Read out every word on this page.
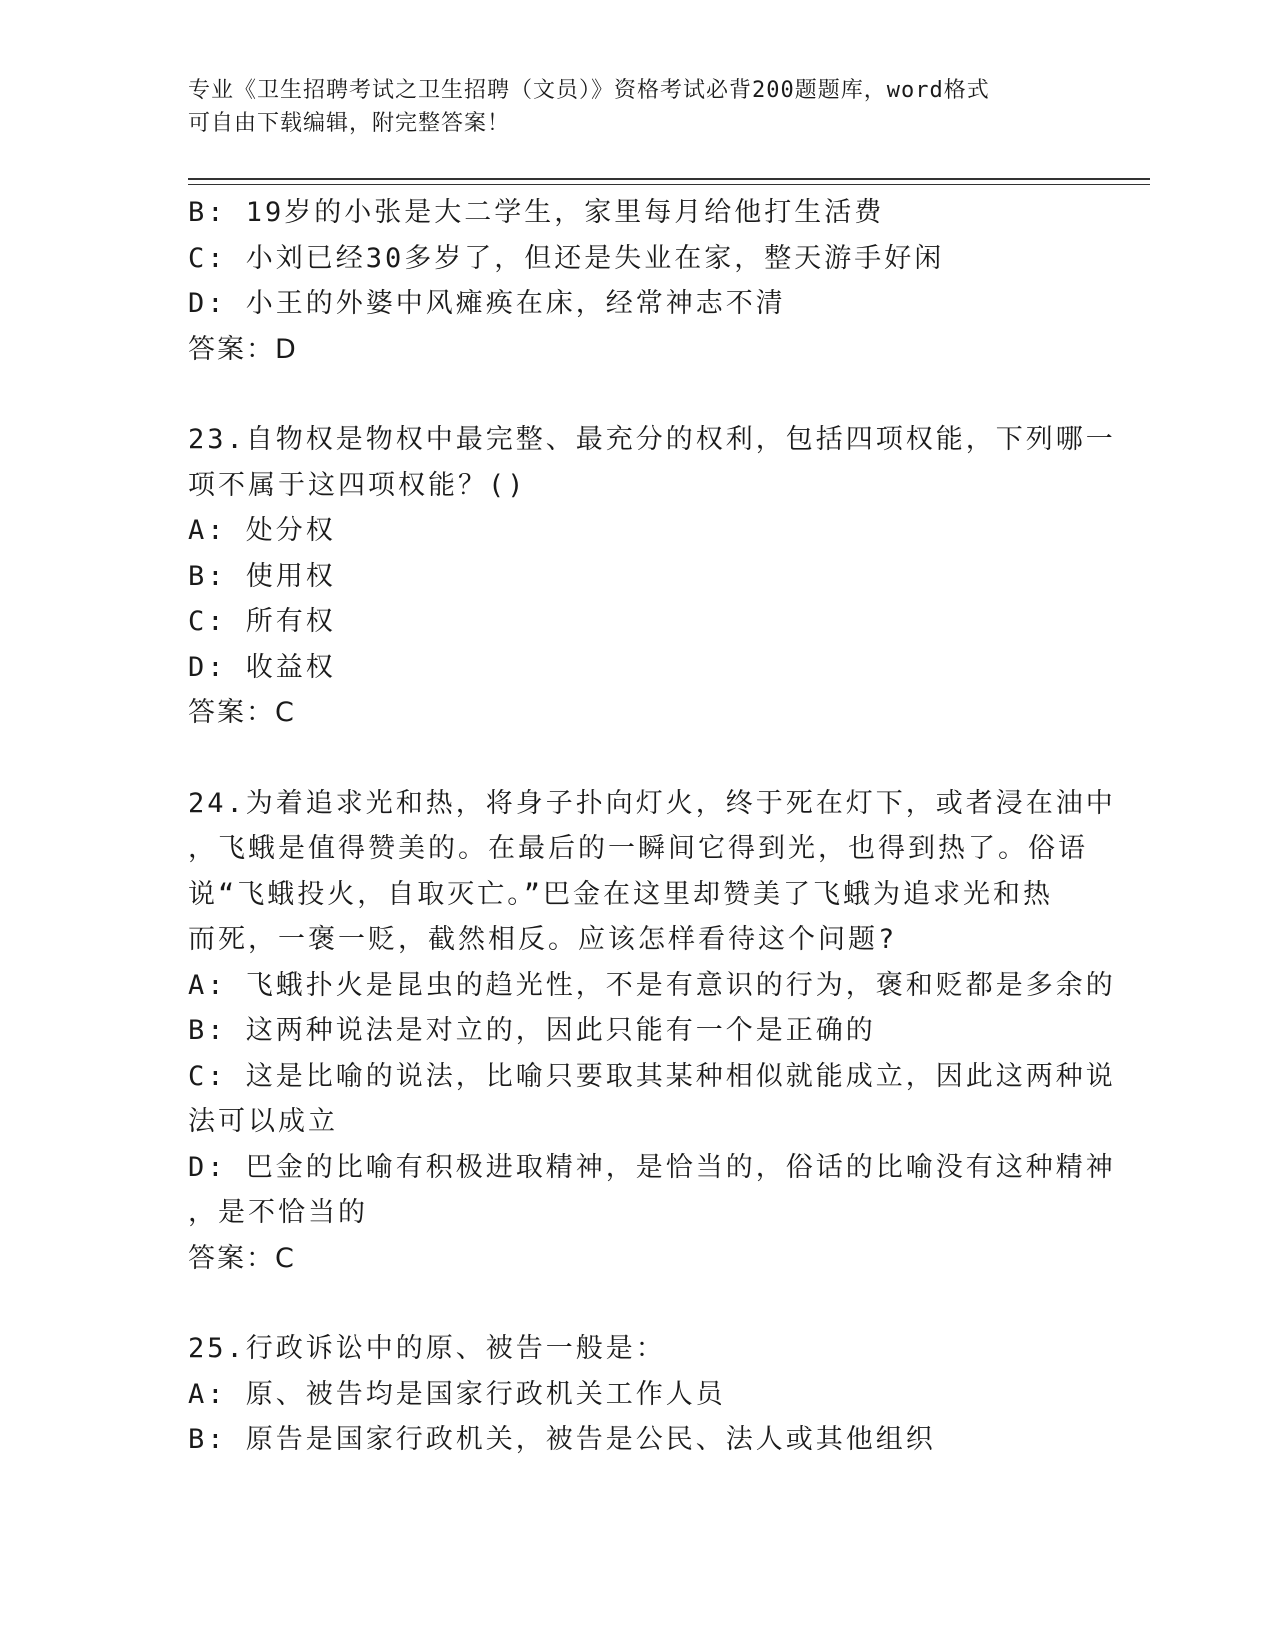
专业《卫生招聘考试之卫生招聘（文员）》资格考试必背200题题库，word格式
可自由下载编辑，附完整答案！
B: 19岁的小张是大二学生，家里每月给他打生活费
C: 小刘已经30多岁了，但还是失业在家，整天游手好闲
D: 小王的外婆中风瘫痪在床，经常神志不清
答案：D
23.自物权是物权中最完整、最充分的权利，包括四项权能，下列哪一
项不属于这四项权能？()
A: 处分权
B: 使用权
C: 所有权
D: 收益权
答案：C
24.为着追求光和热，将身子扑向灯火，终于死在灯下，或者浸在油中
，飞蛾是值得赞美的。在最后的一瞬间它得到光，也得到热了。俗语
说“飞蛾投火，自取灭亡。”巴金在这里却赞美了飞蛾为追求光和热
而死，一褒一贬，截然相反。应该怎样看待这个问题?
A: 飞蛾扑火是昆虫的趋光性，不是有意识的行为，褒和贬都是多余的
B: 这两种说法是对立的，因此只能有一个是正确的
C: 这是比喻的说法，比喻只要取其某种相似就能成立，因此这两种说
法可以成立
D: 巴金的比喻有积极进取精神，是恰当的，俗话的比喻没有这种精神
，是不恰当的
答案：C
25.行政诉讼中的原、被告一般是：
A: 原、被告均是国家行政机关工作人员
B: 原告是国家行政机关，被告是公民、法人或其他组织
